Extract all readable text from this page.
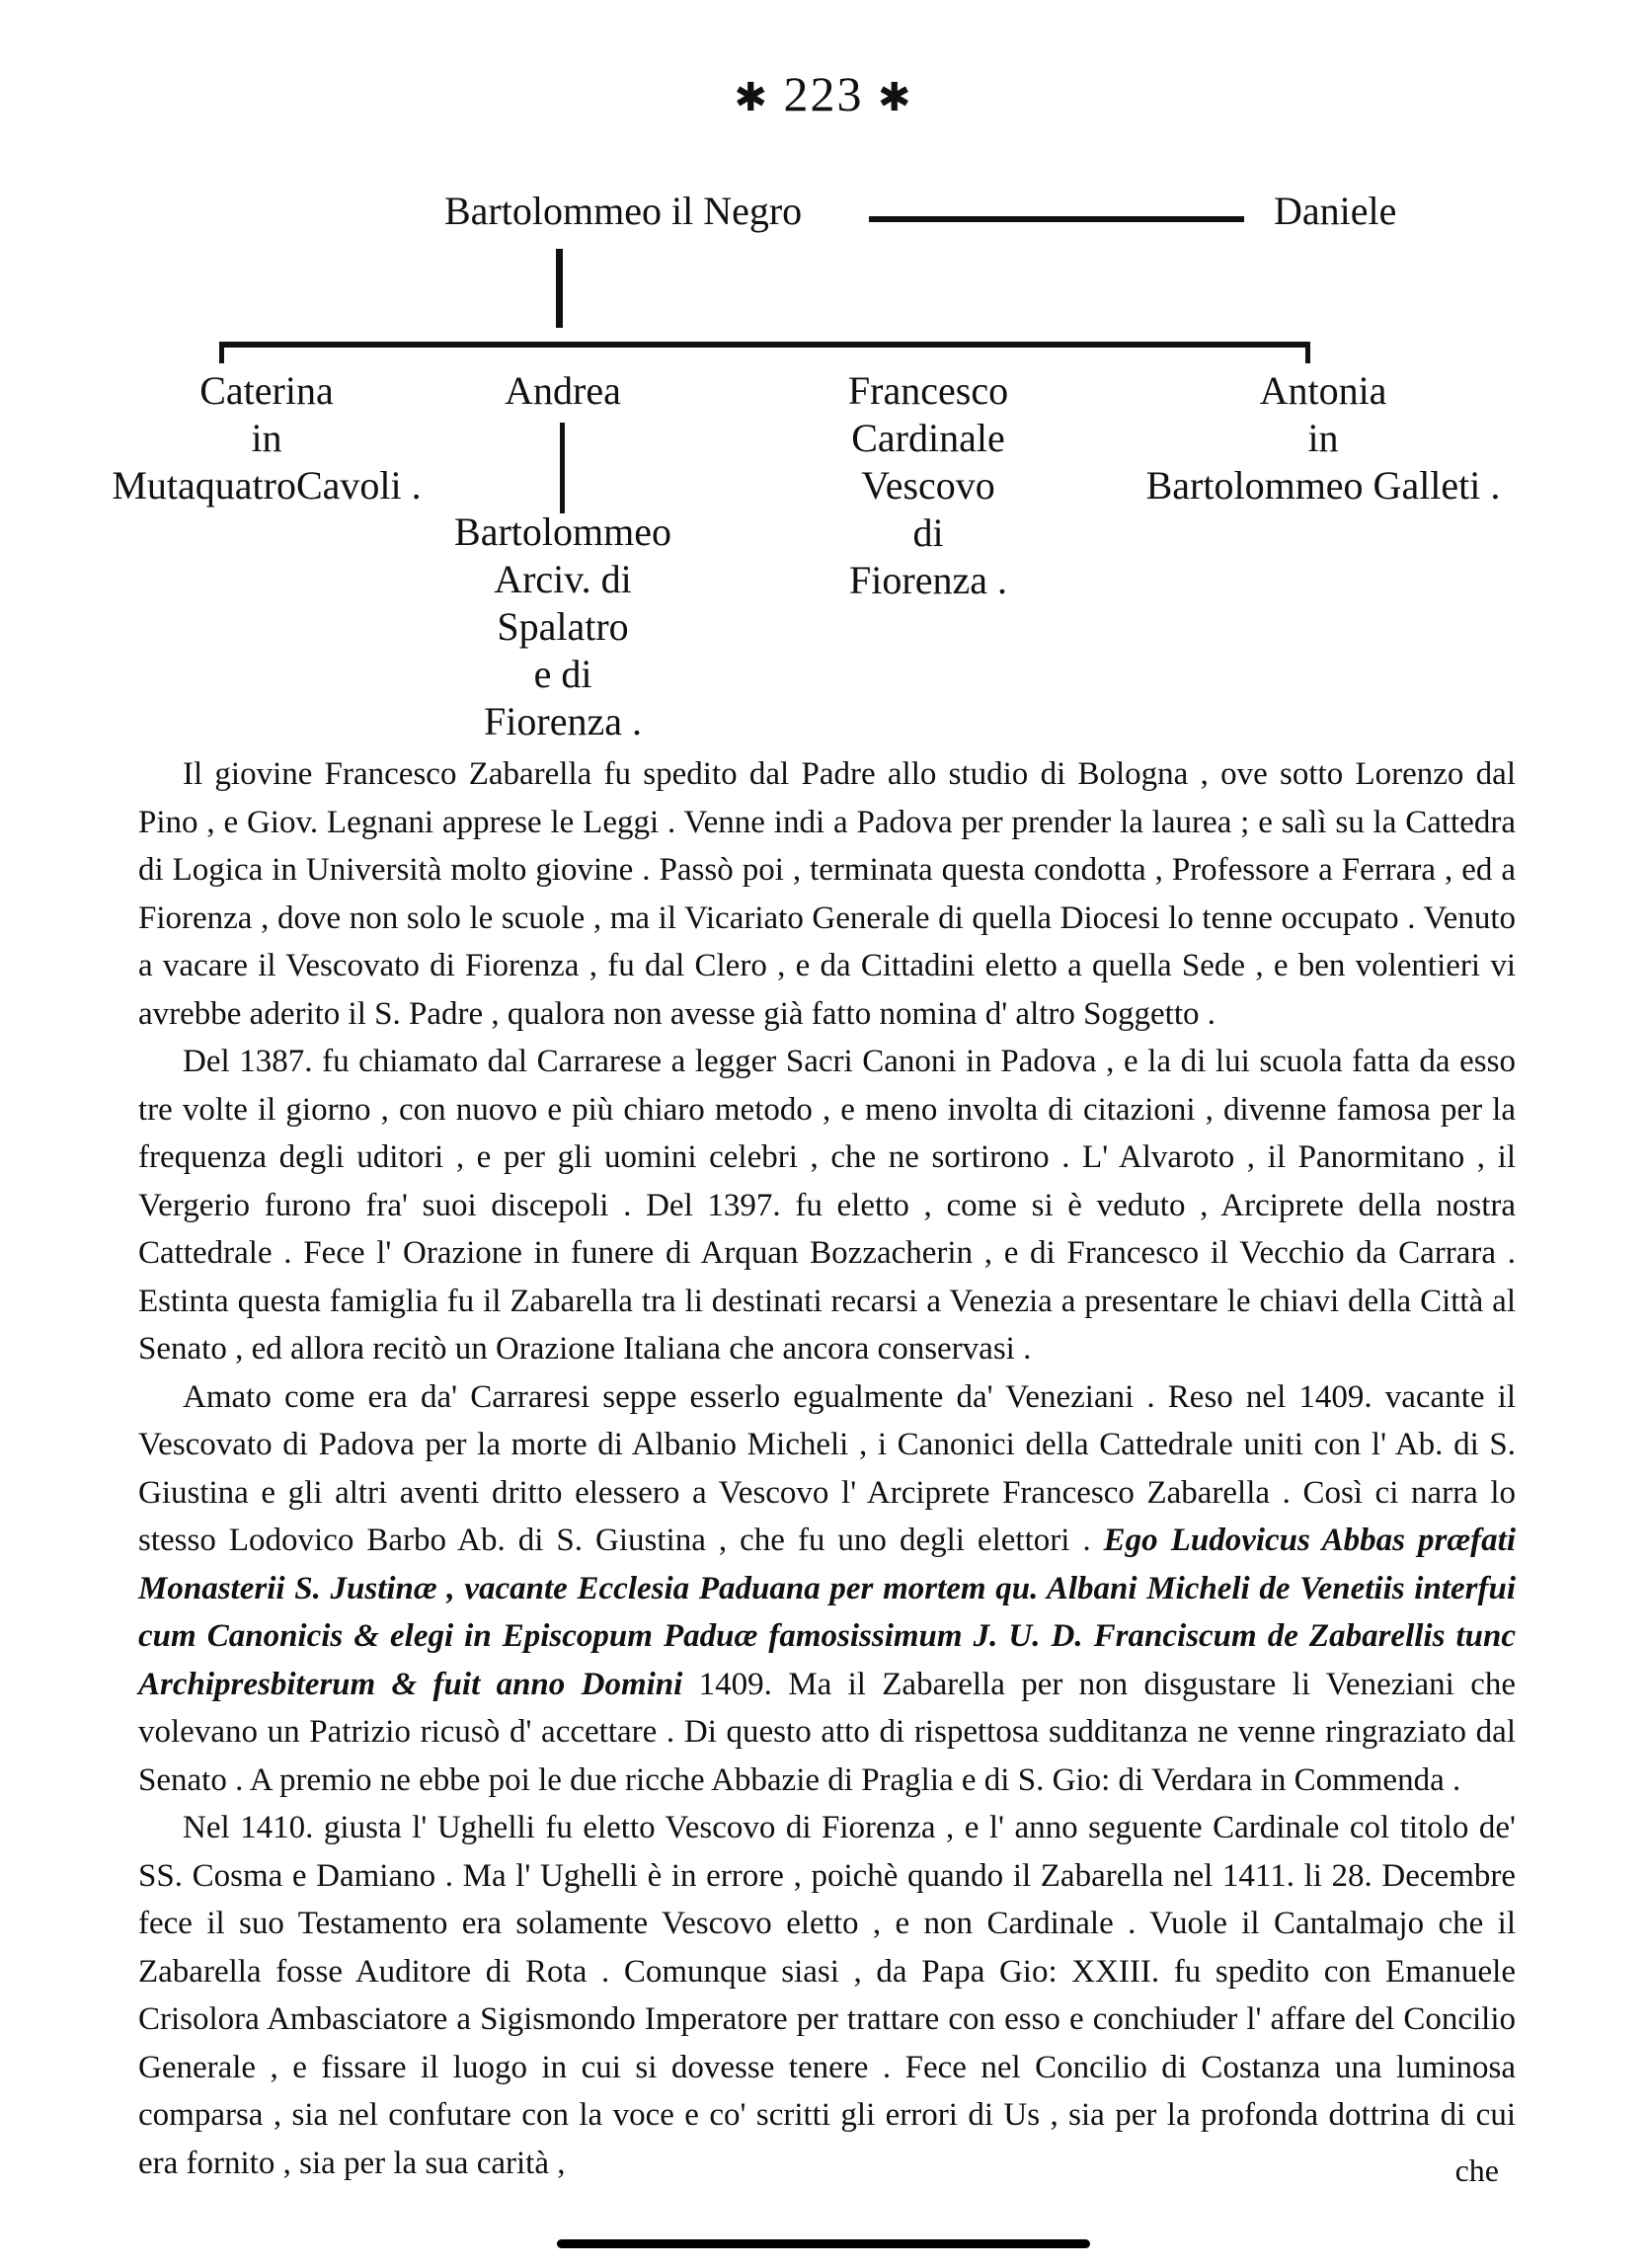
✱ 223 ✱
Bartolommeo il Negro	Daniele
Caterina
in
MutaquatroCavoli .
Andrea
Bartolommeo
Arciv. di
Spalatro
e di
Fiorenza .
Francesco
Cardinale
Vescovo
di
Fiorenza .
Antonia
in
Bartolommeo Galleti .

Il giovine Francesco Zabarella fu spedito dal Padre allo studio di Bologna , ove sotto Lorenzo dal Pino , e Giov. Legnani apprese le Leggi . Venne indi a Padova per prender la laurea ; e salì su la Cattedra di Logica in Università molto giovine . Passò poi , terminata questa condotta , Professore a Ferrara , ed a Fiorenza , dove non solo le scuole , ma il Vicariato Generale di quella Diocesi lo tenne occupato . Venuto a vacare il Vescovato di Fiorenza , fu dal Clero , e da Cittadini eletto a quella Sede , e ben volentieri vi avrebbe aderito il S. Padre , qualora non avesse già fatto nomina d' altro Soggetto .

Del 1387. fu chiamato dal Carrarese a legger Sacri Canoni in Padova , e la di lui scuola fatta da esso tre volte il giorno , con nuovo e più chiaro metodo , e meno involta di citazioni , divenne famosa per la frequenza degli uditori , e per gli uomini celebri , che ne sortirono . L' Alvaroto , il Panormitano , il Vergerio furono fra' suoi discepoli . Del 1397. fu eletto , come si è veduto , Arciprete della nostra Cattedrale . Fece l' Orazione in funere di Arquan Bozzacherin , e di Francesco il Vecchio da Carrara . Estinta questa famiglia fu il Zabarella tra li destinati recarsi a Venezia a presentare le chiavi della Città al Senato , ed allora recitò un Orazione Italiana che ancora conservasi .

Amato come era da' Carraresi seppe esserlo egualmente da' Veneziani . Reso nel 1409. vacante il Vescovato di Padova per la morte di Albanio Micheli , i Canonici della Cattedrale uniti con l' Ab. di S. Giustina e gli altri aventi dritto elessero a Vescovo l' Arciprete Francesco Zabarella . Così ci narra lo stesso Lodovico Barbo Ab. di S. Giustina , che fu uno degli elettori . Ego Ludovicus Abbas præfati Monasterii S. Justinæ , vacante Ecclesia Paduana per mortem qu. Albani Micheli de Venetiis interfui cum Canonicis & elegi in Episcopum Paduæ famosissimum J. U. D. Franciscum de Zabarellis tunc Archipresbiterum & fuit anno Domini 1409. Ma il Zabarella per non disgustare li Veneziani che volevano un Patrizio ricusò d' accettare . Di questo atto di rispettosa sudditanza ne venne ringraziato dal Senato . A premio ne ebbe poi le due ricche Abbazie di Praglia e di S. Gio: di Verdara in Commenda .

Nel 1410. giusta l' Ughelli fu eletto Vescovo di Fiorenza , e l' anno seguente Cardinale col titolo de' SS. Cosma e Damiano . Ma l' Ughelli è in errore , poichè quando il Zabarella nel 1411. li 28. Decembre fece il suo Testamento era solamente Vescovo eletto , e non Cardinale . Vuole il Cantalmajo che il Zabarella fosse Auditore di Rota . Comunque siasi , da Papa Gio: XXIII. fu spedito con Emanuele Crisolora Ambasciatore a Sigismondo Imperatore per trattare con esso e conchiuder l' affare del Concilio Generale , e fissare il luogo in cui si dovesse tenere . Fece nel Concilio di Costanza una luminosa comparsa , sia nel confutare con la voce e co' scritti gli errori di Us , sia per la profonda dottrina di cui era fornito , sia per la sua carità ,	che
